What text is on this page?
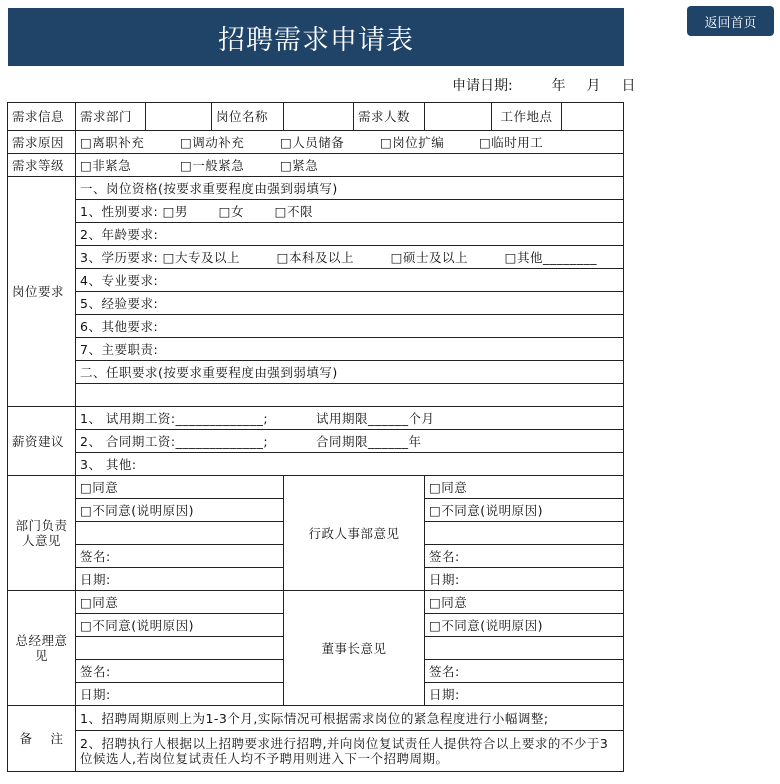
招聘需求申请表
返回首页
申请日期:	年 月 日
需求信息	需求部门		岗位名称		需求人数		工作地点	
需求原因	□离职补充 □调动补充 □人员储备 □岗位扩编 □临时用工							
需求等级	□非紧急 □一般紧急 □紧急							
岗位要求	一、岗位资格(按要求重要程度由强到弱填写)							
	1、性别要求: □男 □女 □不限							
	2、年龄要求:							
	3、学历要求: □大专及以上 □本科及以上 □硕士及以上 □其他________							
	4、专业要求:							
	5、经验要求:							
	6、其他要求:							
	7、主要职责:							
	二、任职要求(按要求重要程度由强到弱填写)							

薪资建议	1、 试用期工资:_____________; 试用期限______个月							
	2、 合同期工资:_____________; 合同期限______年							
	3、 其他:							
部门负责人意见	□同意			行政人事部意见		□同意		
	□不同意(说明原因)					□不同意(说明原因)		

	签名:					签名:		
	日期:					日期:		
总经理意见	□同意			董事长意见		□同意		
	□不同意(说明原因)					□不同意(说明原因)		

	签名:					签名:		
	日期:					日期:		
备    注	1、招聘周期原则上为1-3个月,实际情况可根据需求岗位的紧急程度进行小幅调整;							
	2、招聘执行人根据以上招聘要求进行招聘,并向岗位复试责任人提供符合以上要求的不少于3位候选人,若岗位复试责任人均不予聘用则进入下一个招聘周期。							
